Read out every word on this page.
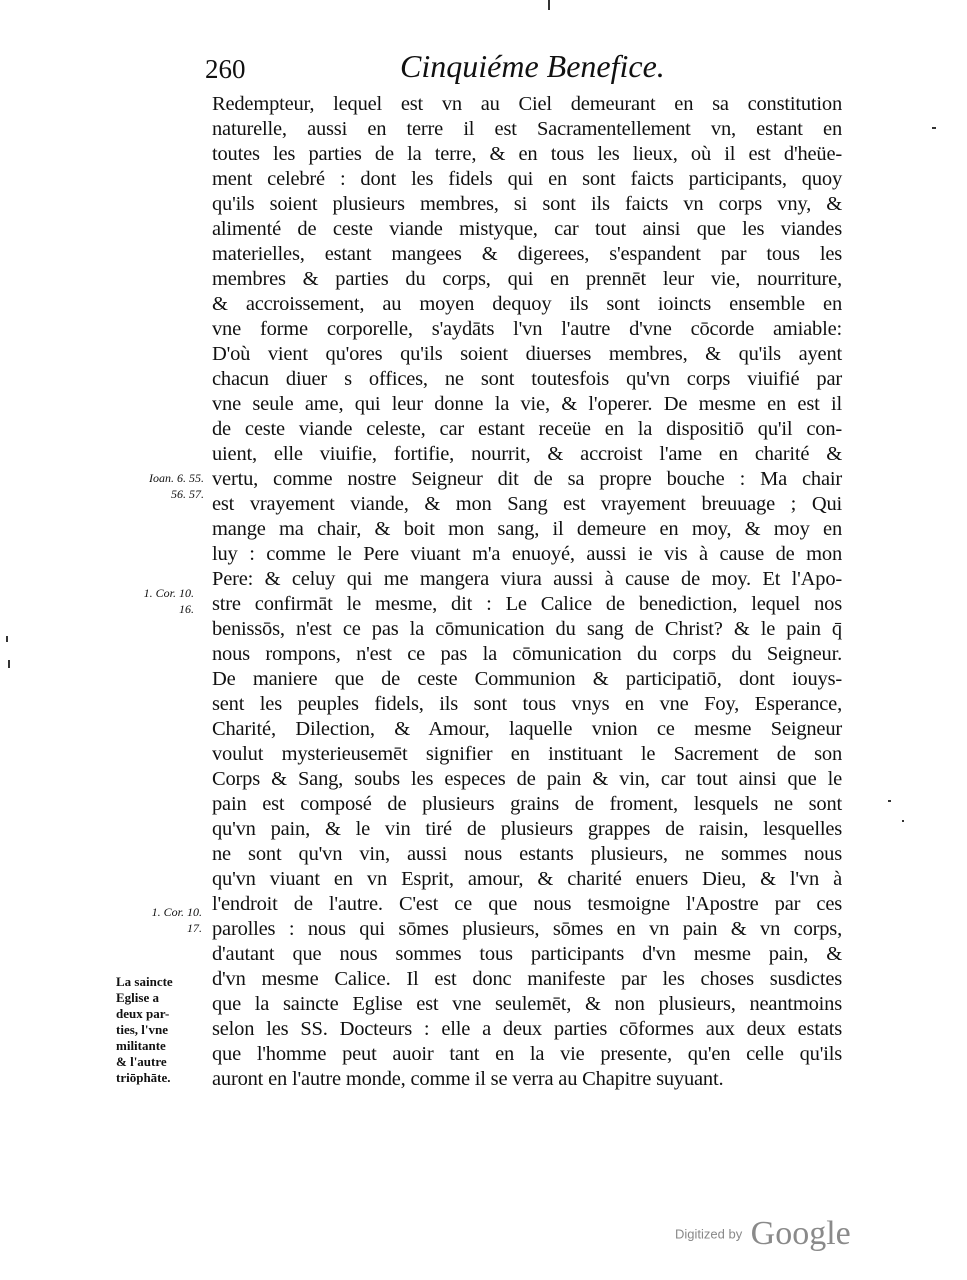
260	Cinquiéme Benefice.
Redempteur, lequel est vn au Ciel demeurant en sa constitution
naturelle, aussi en terre il est Sacramentellement vn, estant en
toutes les parties de la terre, & en tous les lieux, où il est d'heüe-
ment celebré : dont les fidels qui en sont faicts participants, quoy
qu'ils soient plusieurs membres, si sont ils faicts vn corps vny, &
alimenté de ceste viande mistyque, car tout ainsi que les viandes
materielles, estant mangees & digerees, s'espandent par tous les
membres & parties du corps, qui en prennēt leur vie, nourriture,
& accroissement, au moyen dequoy ils sont ioincts ensemble en
vne forme corporelle, s'aydāts l'vn l'autre d'vne cōcorde amiable:
D'où vient qu'ores qu'ils soient diuerses membres, & qu'ils ayent
chacun diuer s offices, ne sont toutesfois qu'vn corps viuifié par
vne seule ame, qui leur donne la vie, & l'operer. De mesme en est il
de ceste viande celeste, car estant receüe en la dispositiō qu'il con-
uient, elle viuifie, fortifie, nourrit, & accroist l'ame en charité &
vertu, comme nostre Seigneur dit de sa propre bouche : Ma chair
est vrayement viande, & mon Sang est vrayement breuuage ; Qui
mange ma chair, & boit mon sang, il demeure en moy, & moy en
luy : comme le Pere viuant m'a enuoyé, aussi ie vis à cause de mon
Pere: & celuy qui me mangera viura aussi à cause de moy. Et l'Apo-
stre confirmāt le mesme, dit : Le Calice de benediction, lequel nos
benissōs, n'est ce pas la cōmunication du sang de Christ? & le pain q̄
nous rompons, n'est ce pas la cōmunication du corps du Seigneur.
De maniere que de ceste Communion & participatiō, dont iouys-
sent les peuples fidels, ils sont tous vnys en vne Foy, Esperance,
Charité, Dilection, & Amour, laquelle vnion ce mesme Seigneur
voulut mysterieusemēt signifier en instituant le Sacrement de son
Corps & Sang, soubs les especes de pain & vin, car tout ainsi que le
pain est composé de plusieurs grains de froment, lesquels ne sont
qu'vn pain, & le vin tiré de plusieurs grappes de raisin, lesquelles
ne sont qu'vn vin, aussi nous estants plusieurs, ne sommes nous
qu'vn viuant en vn Esprit, amour, & charité enuers Dieu, & l'vn à
l'endroit de l'autre. C'est ce que nous tesmoigne l'Apostre par ces
parolles : nous qui sōmes plusieurs, sōmes en vn pain & vn corps,
d'autant que nous sommes tous participants d'vn mesme pain, &
d'vn mesme Calice. Il est donc manifeste par les choses susdictes
que la saincte Eglise est vne seulemēt, & non plusieurs, neantmoins
selon les SS. Docteurs : elle a deux parties cōformes aux deux estats
que l'homme peut auoir tant en la vie presente, qu'en celle qu'ils
auront en l'autre monde, comme il se verra au Chapitre suyuant.
Ioan. 6. 55.
56. 57.
1. Cor. 10.
16.
1. Cor. 10.
17.
La saincte
Eglise a
deux par-
ties, l'vne
militante
& l'autre
triōphāte.
Digitized by Google
